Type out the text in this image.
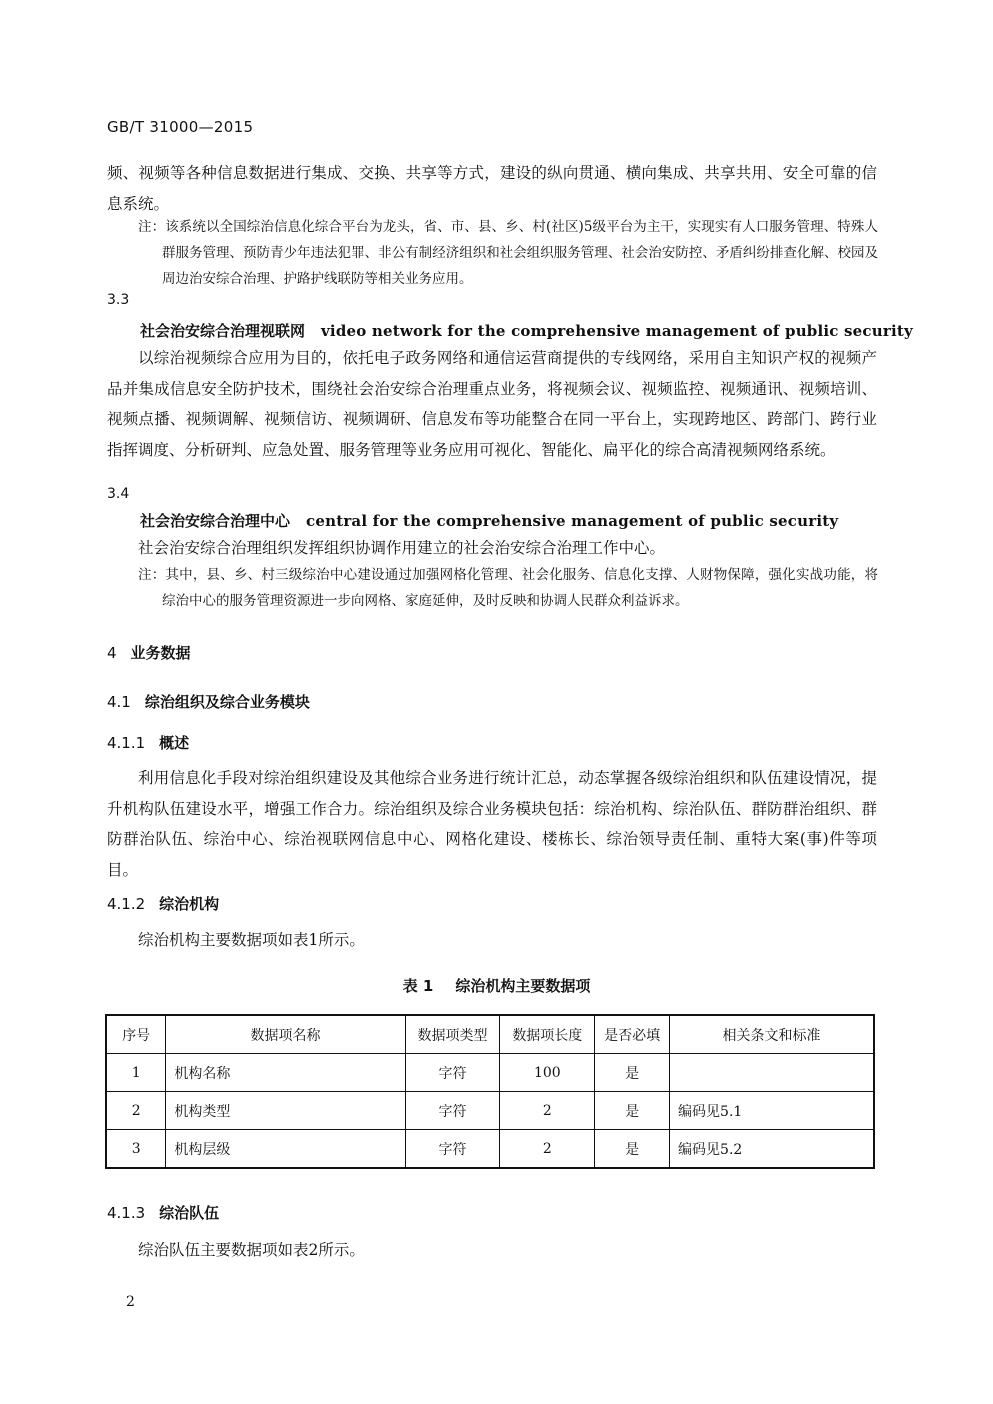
GB/T 31000—2015

频、视频等各种信息数据进行集成、交换、共享等方式，建设的纵向贯通、横向集成、共享共用、安全可靠的信息系统。

注：该系统以全国综治信息化综合平台为龙头，省、市、县、乡、村(社区)5级平台为主干，实现实有人口服务管理、特殊人群服务管理、预防青少年违法犯罪、非公有制经济组织和社会组织服务管理、社会治安防控、矛盾纠纷排查化解、校园及周边治安综合治理、护路护线联防等相关业务应用。

3.3

社会治安综合治理视联网 video network for the comprehensive management of public security

以综治视频综合应用为目的，依托电子政务网络和通信运营商提供的专线网络，采用自主知识产权的视频产品并集成信息安全防护技术，围绕社会治安综合治理重点业务，将视频会议、视频监控、视频通讯、视频培训、视频点播、视频调解、视频信访、视频调研、信息发布等功能整合在同一平台上，实现跨地区、跨部门、跨行业指挥调度、分析研判、应急处置、服务管理等业务应用可视化、智能化、扁平化的综合高清视频网络系统。

3.4

社会治安综合治理中心 central for the comprehensive management of public security

社会治安综合治理组织发挥组织协调作用建立的社会治安综合治理工作中心。

注：其中，县、乡、村三级综治中心建设通过加强网格化管理、社会化服务、信息化支撑、人财物保障，强化实战功能，将综治中心的服务管理资源进一步向网格、家庭延伸，及时反映和协调人民群众利益诉求。

4 业务数据

4.1 综治组织及综合业务模块

4.1.1 概述

利用信息化手段对综治组织建设及其他综合业务进行统计汇总，动态掌握各级综治组织和队伍建设情况，提升机构队伍建设水平，增强工作合力。综治组织及综合业务模块包括：综治机构、综治队伍、群防群治组织、群防群治队伍、综治中心、综治视联网信息中心、网格化建设、楼栋长、综治领导责任制、重特大案(事)件等项目。

4.1.2 综治机构

综治机构主要数据项如表1所示。

表 1 综治机构主要数据项

序号	数据项名称	数据项类型	数据项长度	是否必填	相关条文和标准
1	机构名称	字符	100	是	
2	机构类型	字符	2	是	编码见5.1
3	机构层级	字符	2	是	编码见5.2

4.1.3 综治队伍

综治队伍主要数据项如表2所示。

2
